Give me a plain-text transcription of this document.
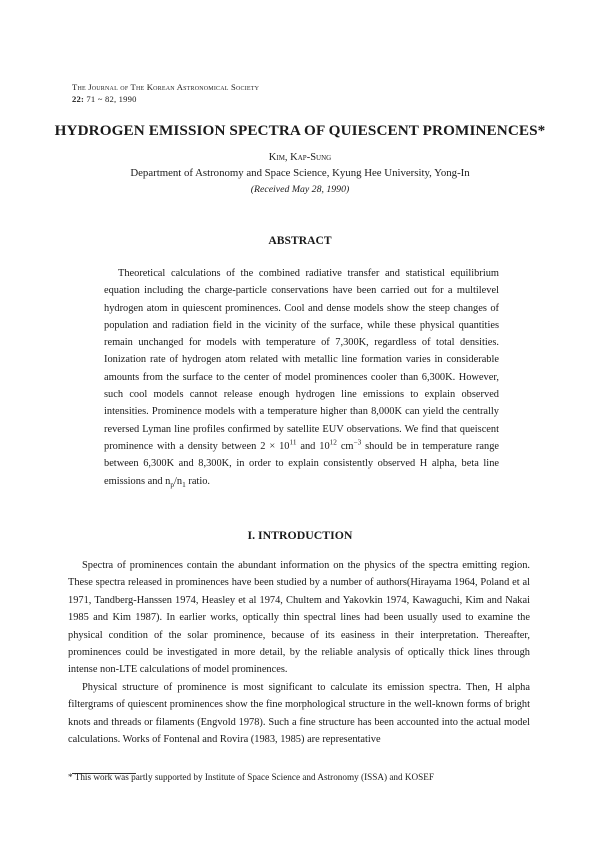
The Journal of The Korean Astronomical Society
22: 71 ~ 82, 1990
HYDROGEN EMISSION SPECTRA OF QUIESCENT PROMINENCES*
Kim, Kap-Sung
Department of Astronomy and Space Science, Kyung Hee University, Yong-In
(Received May 28, 1990)
ABSTRACT

Theoretical calculations of the combined radiative transfer and statistical equilibrium equation including the charge-particle conservations have been carried out for a multilevel hydrogen atom in quiescent prominences. Cool and dense models show the steep changes of population and radiation field in the vicinity of the surface, while these physical quantities remain unchanged for models with temperature of 7,300K, regardless of total densities. Ionization rate of hydrogen atom related with metallic line formation varies in considerable amounts from the surface to the center of model prominences cooler than 6,300K. However, such cool models cannot release enough hydrogen line emissions to explain observed intensities. Prominence models with a temperature higher than 8,000K can yield the centrally reversed Lyman line profiles confirmed by satellite EUV observations. We find that queiscent prominence with a density between $2 \times 10^{11}$ and $10^{12}$ $cm^{-3}$ should be in temperature range between 6,300K and 8,300K, in order to explain consistently observed H alpha, beta line emissions and $n_p/n_1$ ratio.

I. INTRODUCTION

Spectra of prominences contain the abundant information on the physics of the spectra emitting region. These spectra released in prominences have been studied by a number of authors(Hirayama 1964, Poland et al 1971, Tandberg-Hanssen 1974, Heasley et al 1974, Chultem and Yakovkin 1974, Kawaguchi, Kim and Nakai 1985 and Kim 1987). In earlier works, optically thin spectral lines had been usually used to examine the physical condition of the solar prominence, because of its easiness in their interpretation. Thereafter, prominences could be investigated in more detail, by the reliable analysis of optically thick lines through intense non-LTE calculations of model prominences.

Physical structure of prominence is most significant to calculate its emission spectra. Then, H alpha filtergrams of quiescent prominences show the fine morphological structure in the well-known forms of bright knots and threads or filaments (Engvold 1978). Such a fine structure has been accounted into the actual model calculations. Works of Fontenal and Rovira (1983, 1985) are representative

* This work was partly supported by Institute of Space Science and Astronomy (ISSA) and KOSEF
